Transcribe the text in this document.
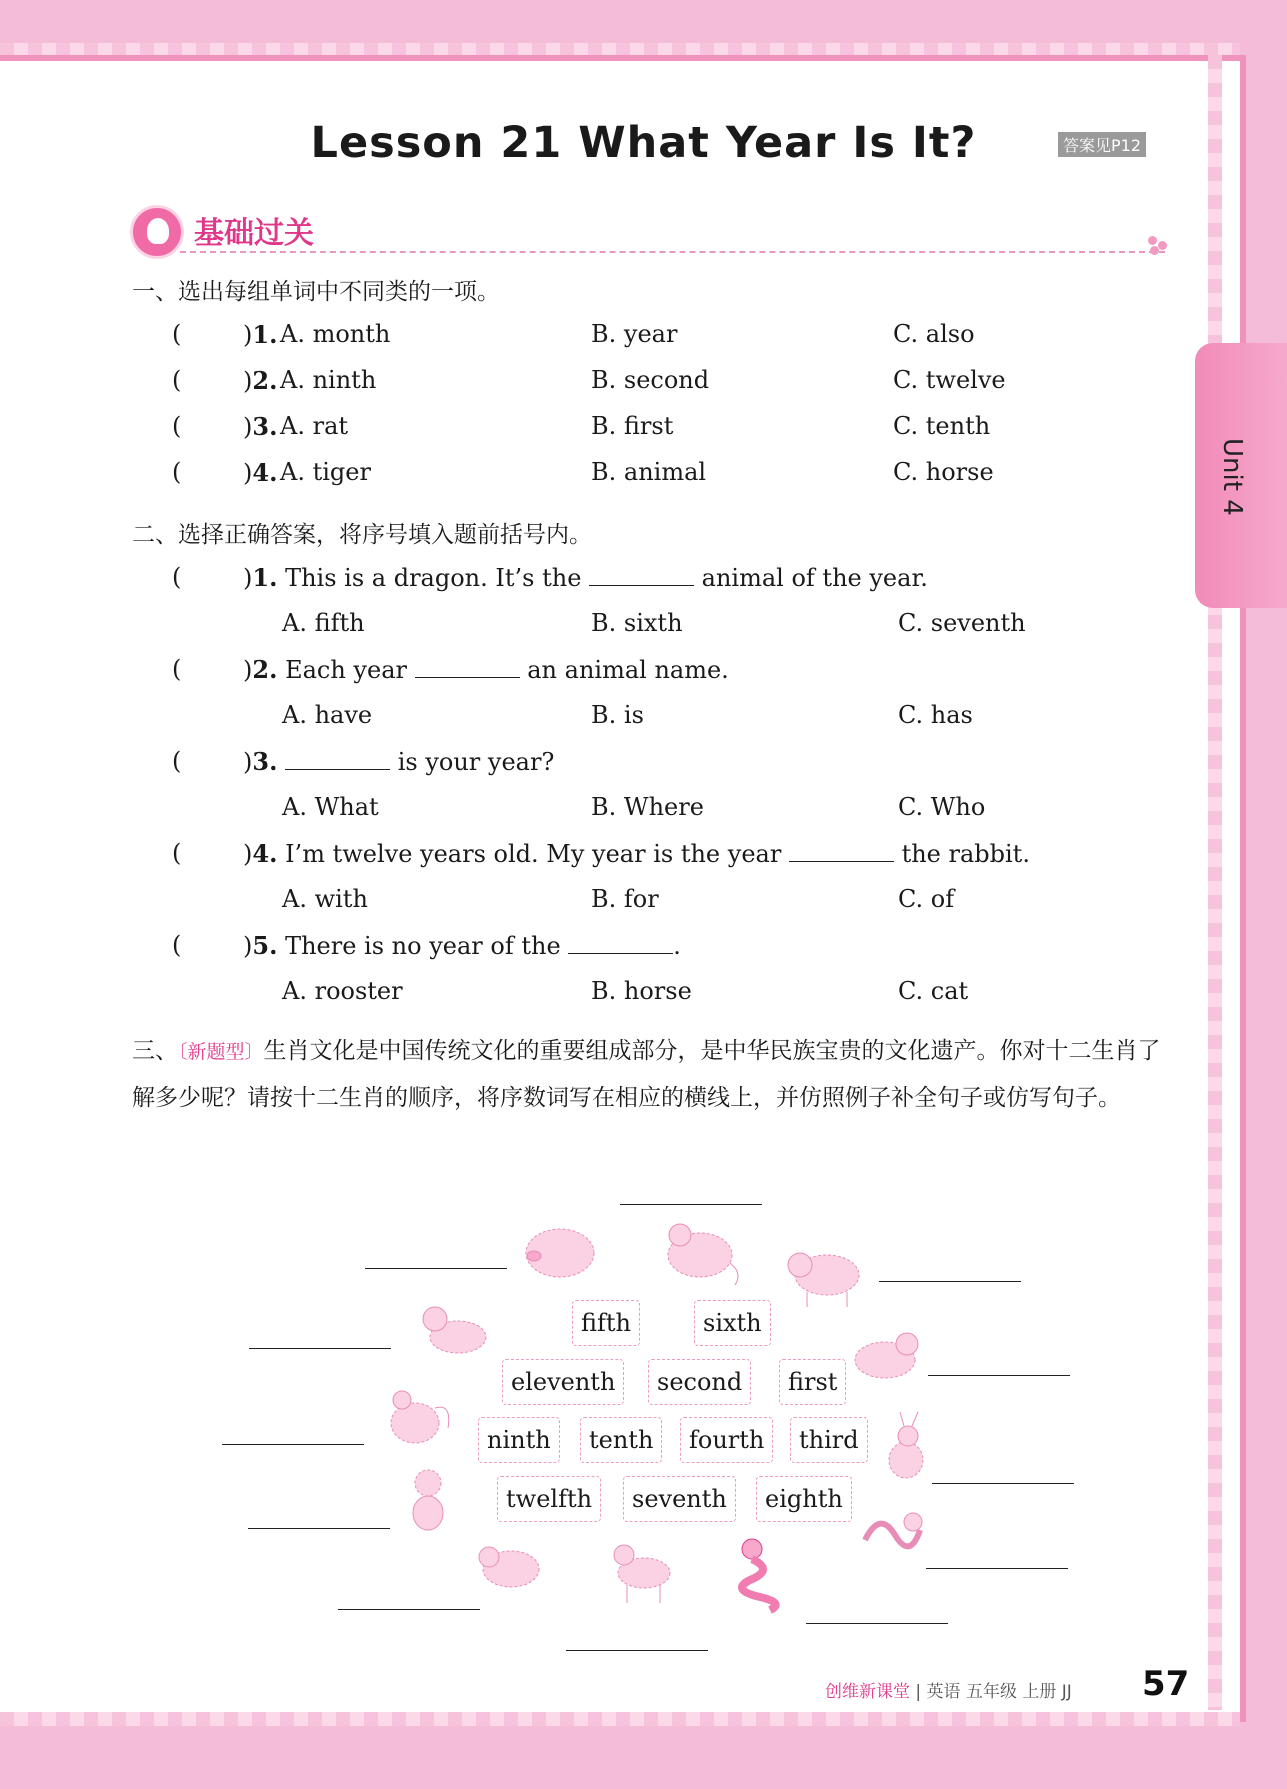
Lesson 21 What Year Is It?	答案见P12
Unit 4
基础过关
一、选出每组单词中不同类的一项。
(	)1. A. month	B. year	C. also
(	)2. A. ninth	B. second	C. twelve
(	)3. A. rat	B. first	C. tenth
(	)4. A. tiger	B. animal	C. horse
二、选择正确答案，将序号填入题前括号内。
(	)1. This is a dragon. It’s the	animal of the year.
A. fifth	B. sixth	C. seventh
(	)2. Each year	an animal name.
A. have	B. is	C. has
(	)3.	is your year?
A. What	B. Where	C. Who
(	)4. I’m twelve years old. My year is the year	the rabbit.
A. with	B. for	C. of
(	)5. There is no year of the	.
A. rooster	B. horse	C. cat
三、〔新题型〕生肖文化是中国传统文化的重要组成部分，是中华民族宝贵的文化遗产。你对十二生肖了解多少呢？请按十二生肖的顺序，将序数词写在相应的横线上，并仿照例子补全句子或仿写句子。
fifth	sixth
eleventh	second	first
ninth	tenth	fourth	third
twelfth	seventh	eighth
创维新课堂 | 英语 五年级 上册 JJ 57
